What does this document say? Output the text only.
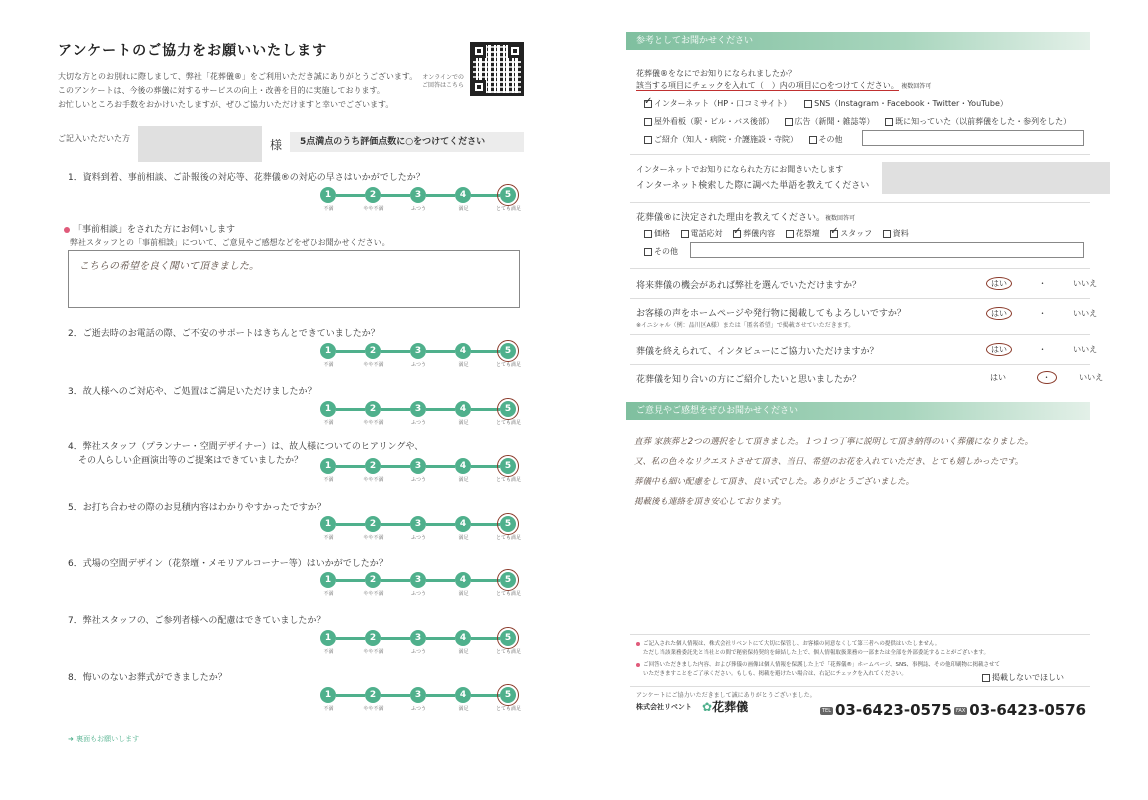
アンケートのご協力をお願いいたします
大切な方とのお別れに際しまして、弊社「花葬儀®」をご利用いただき誠にありがとうございます。
このアンケートは、今後の葬儀に対するサービスの向上・改善を目的に実施しております。
お忙しいところお手数をおかけいたしますが、ぜひご協力いただけますと幸いでございます。
オンラインでの
ご回答はこちら
ご記入いただいた方	様	5点満点のうち評価点数に○をつけてください
1．資料到着、事前相談、ご訃報後の対応等、花葬儀®の対応の早さはいかがでしたか？
1	2	3	4	5
不満	やや不満	ふつう	満足	とても満足
「事前相談」をされた方にお伺いします
弊社スタッフとの「事前相談」について、ご意見やご感想などをぜひお聞かせください。
こちらの希望を良く聞いて頂きました。
2．ご逝去時のお電話の際、ご不安のサポートはきちんとできていましたか？
1	2	3	4	5
不満	やや不満	ふつう	満足	とても満足
3．故人様へのご対応や、ご処置はご満足いただけましたか？
1	2	3	4	5
不満	やや不満	ふつう	満足	とても満足
4．弊社スタッフ（プランナー・空間デザイナー）は、故人様についてのヒアリングや、
その人らしい企画演出等のご提案はできていましたか？	1	2	3	4	5
不満	やや不満	ふつう	満足	とても満足
5．お打ち合わせの際のお見積内容はわかりやすかったですか？
1	2	3	4	5
不満	やや不満	ふつう	満足	とても満足
6．式場の空間デザイン（花祭壇・メモリアルコーナー等）はいかがでしたか？
1	2	3	4	5
不満	やや不満	ふつう	満足	とても満足
7．弊社スタッフの、ご参列者様への配慮はできていましたか？
1	2	3	4	5
不満	やや不満	ふつう	満足	とても満足
8．悔いのないお葬式ができましたか？
1	2	3	4	5
不満	やや不満	ふつう	満足	とても満足
➜ 裏面もお願いします
参考としてお聞かせください
花葬儀®をなにでお知りになられましたか？
該当する項目にチェックを入れて（　）内の項目に○をつけてください。 複数回答可
✓インターネット（HP・口コミサイト）	SNS（Instagram・Facebook・Twitter・YouTube）
屋外看板（駅・ビル・バス後部）	広告（新聞・雑誌等）	既に知っていた（以前葬儀をした・参列をした）
ご紹介（知人・病院・介護施設・寺院）	その他
インターネットでお知りになられた方にお聞きいたします
インターネット検索した際に調べた単語を教えてください
花葬儀®に決定された理由を教えてください。複数回答可
価格	電話応対 ✓	葬儀内容	花祭壇 ✓	スタッフ	資料
その他
将来葬儀の機会があれば弊社を選んでいただけますか？	はい	・	いいえ
お客様の声をホームページや発行物に掲載してもよろしいですか？
※イニシャル（例：品川区A様）または「匿名希望」で掲載させていただきます。
はい	・	いいえ
葬儀を終えられて、インタビューにご協力いただけますか？	はい	・	いいえ
花葬儀を知り合いの方にご紹介したいと思いましたか？	はい	・	いいえ
ご意見やご感想をぜひお聞かせください
直葬 家族葬と2つの選択をして頂きました。１つ１つ丁寧に説明して頂き納得のいく葬儀になりました。
又、私の色々なリクエストさせて頂き、当日、希望のお花を入れていただき、とても嬉しかったです。
葬儀中も細い配慮をして頂き、良い式でした。ありがとうございました。
掲載後も連絡を頂き安心しております。
ご記入された個人情報は、株式会社リベントにて大切に保管し、お客様の同意なくして第三者への提供はいたしません。
ただし当該業務委託先と当社との間で秘密保持契約を締結した上で、個人情報取扱業務の一部または全部を外部委託することがございます。
ご回答いただきました内容、および葬儀の画像は個人情報を保護した上で「花葬儀®」ホームページ、SNS、事例誌、その他印刷物に掲載させて
いただきますことをご了承ください。もしも、掲載を避けたい場合は、右記にチェックを入れてください。	掲載しないでほしい
アンケートにご協力いただきまして誠にありがとうございました。
株式会社リベント ✿花葬儀	TEL 03-6423-0575 FAX 03-6423-0576
